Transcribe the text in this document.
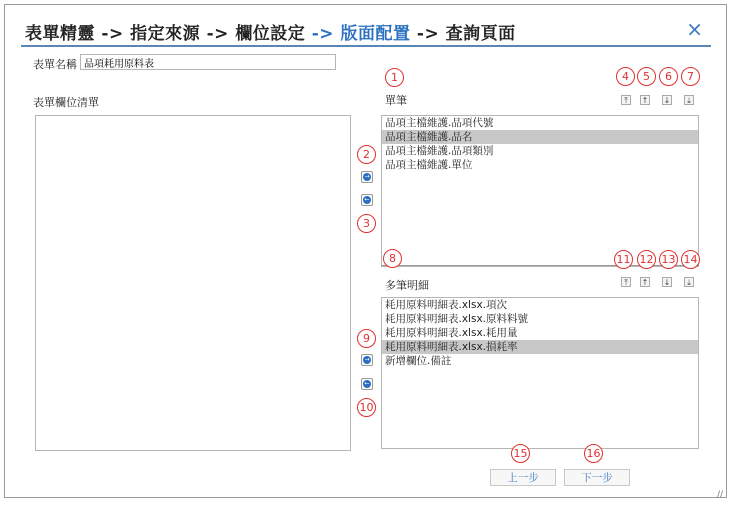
表單精靈 -> 指定來源 -> 欄位設定 -> 版面配置 -> 查詢頁面	×
表單名稱
品項耗用原料表
表單欄位清單	單筆
品項主檔維護.品項代號
品項主檔維護.品名
品項主檔維護.品項類別
品項主檔維護.單位
⤒	↑ ↓	⤓
→
←
多筆明細
耗用原料明細表.xlsx.項次
耗用原料明細表.xlsx.原料料號
耗用原料明細表.xlsx.耗用量
耗用原料明細表.xlsx.損耗率
新增欄位.備註
⤒	↑ ↓	⤓
→
←
1
2
3
4	5	6	7
8
9
10
11 12 13 14
15	16
上一步	下一步
//
